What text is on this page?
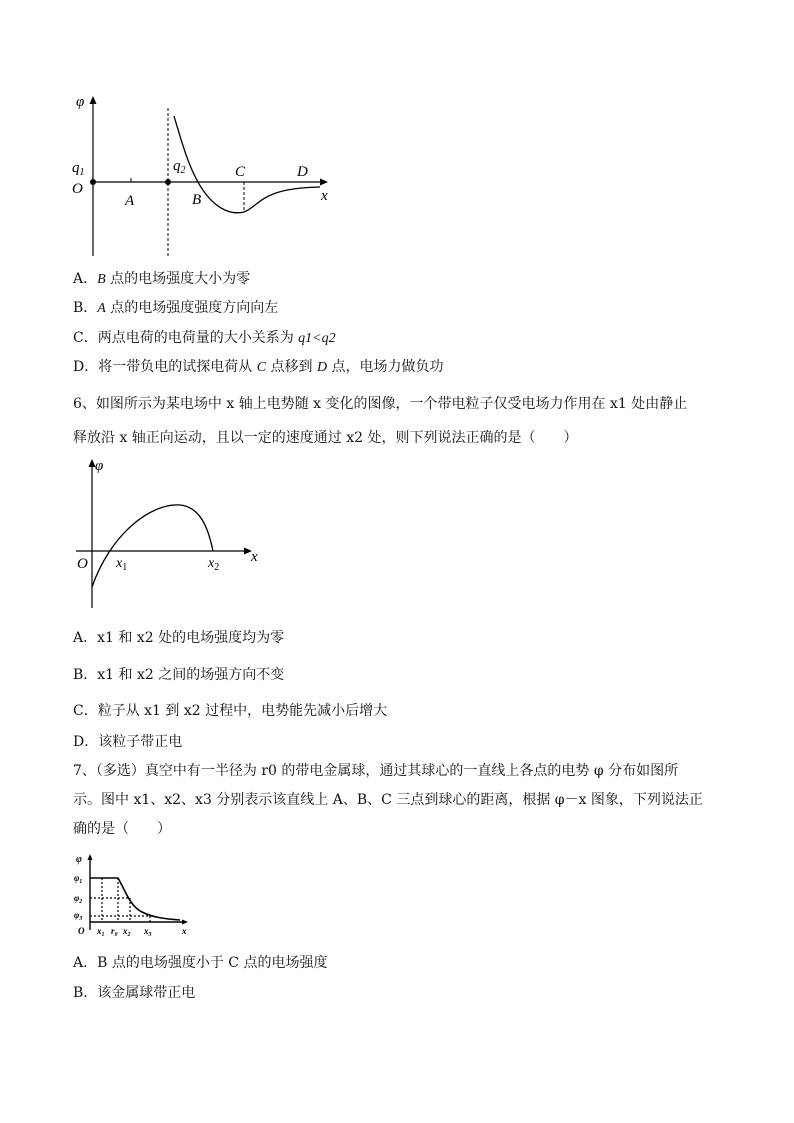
φ
$q_1$
O
$q_2$
A	B
C	D
x
A．B 点的电场强度大小为零
B．A 点的电场强度强度方向向左
C．两点电荷的电荷量的大小关系为 q1<q2
D．将一带负电的试探电荷从 C 点移到 D 点，电场力做负功
6、如图所示为某电场中 x 轴上电势随 x 变化的图像，一个带电粒子仅受电场力作用在 x1 处由静止
释放沿 x 轴正向运动，且以一定的速度通过 x2 处，则下列说法正确的是（　　）
φ
O $x_1$	$x_2$
x
A．x1 和 x2 处的电场强度均为零
B．x1 和 x2 之间的场强方向不变
C．粒子从 x1 到 x2 过程中，电势能先减小后增大
D．该粒子带正电
7、（多选）真空中有一半径为 r0 的带电金属球，通过其球心的一直线上各点的电势 φ 分布如图所
示。图中 x1、x2、x3 分别表示该直线上 A、B、C 三点到球心的距离，根据 φ－x 图象，下列说法正
确的是（　　）
φ
$\varphi_1$
$\varphi_2$
$\varphi_3$
O $x_1$ $r_0$ $x_2$ $x_3$	x
A．B 点的电场强度小于 C 点的电场强度
B．该金属球带正电
